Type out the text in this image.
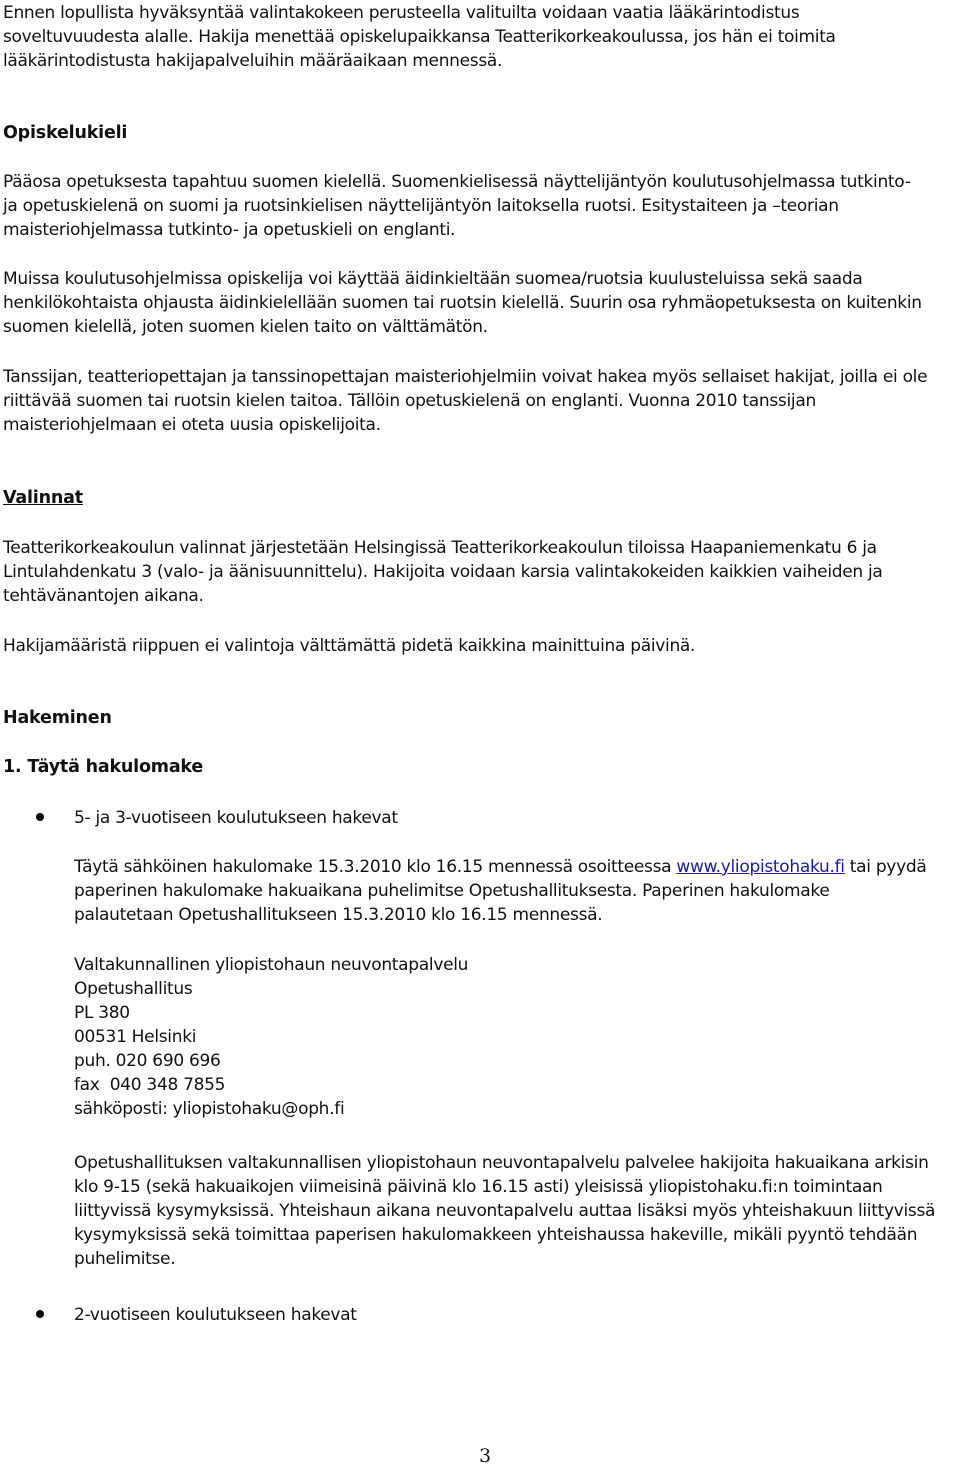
Ennen lopullista hyväksyntää valintakokeen perusteella valituilta voidaan vaatia lääkärintodistus

soveltuvuudesta alalle. Hakija menettää opiskelupaikkansa Teatterikorkeakoulussa, jos hän ei toimita

lääkärintodistusta hakijapalveluihin määräaikaan mennessä.

Opiskelukieli

Pääosa opetuksesta tapahtuu suomen kielellä. Suomenkielisessä näyttelijäntyön koulutusohjelmassa tutkinto-

ja opetuskielenä on suomi ja ruotsinkielisen näyttelijäntyön laitoksella ruotsi. Esitystaiteen ja –teorian

maisteriohjelmassa tutkinto- ja opetuskieli on englanti.

Muissa koulutusohjelmissa opiskelija voi käyttää äidinkieltään suomea/ruotsia kuulusteluissa sekä saada

henkilökohtaista ohjausta äidinkielellään suomen tai ruotsin kielellä. Suurin osa ryhmäopetuksesta on kuitenkin

suomen kielellä, joten suomen kielen taito on välttämätön.

Tanssijan, teatteriopettajan ja tanssinopettajan maisteriohjelmiin voivat hakea myös sellaiset hakijat, joilla ei ole

riittävää suomen tai ruotsin kielen taitoa. Tällöin opetuskielenä on englanti. Vuonna 2010 tanssijan

maisteriohjelmaan ei oteta uusia opiskelijoita.

Valinnat

Teatterikorkeakoulun valinnat järjestetään Helsingissä Teatterikorkeakoulun tiloissa Haapaniemenkatu 6 ja

Lintulahdenkatu 3 (valo- ja äänisuunnittelu). Hakijoita voidaan karsia valintakokeiden kaikkien vaiheiden ja

tehtävänantojen aikana.

Hakijamääristä riippuen ei valintoja välttämättä pidetä kaikkina mainittuina päivinä.

Hakeminen

1. Täytä hakulomake

5- ja 3-vuotiseen koulutukseen hakevat

Täytä sähköinen hakulomake 15.3.2010 klo 16.15 mennessä osoitteessa www.yliopistohaku.fi tai pyydä

paperinen hakulomake hakuaikana puhelimitse Opetushallituksesta. Paperinen hakulomake

palautetaan Opetushallitukseen 15.3.2010 klo 16.15 mennessä.

Valtakunnallinen yliopistohaun neuvontapalvelu

Opetushallitus

PL 380

00531 Helsinki

puh. 020 690 696

fax  040 348 7855

sähköposti: yliopistohaku@oph.fi

Opetushallituksen valtakunnallisen yliopistohaun neuvontapalvelu palvelee hakijoita hakuaikana arkisin

klo 9-15 (sekä hakuaikojen viimeisinä päivinä klo 16.15 asti) yleisissä yliopistohaku.fi:n toimintaan

liittyvissä kysymyksissä. Yhteishaun aikana neuvontapalvelu auttaa lisäksi myös yhteishakuun liittyvissä

kysymyksissä sekä toimittaa paperisen hakulomakkeen yhteishaussa hakeville, mikäli pyyntö tehdään

puhelimitse.

2-vuotiseen koulutukseen hakevat

3
